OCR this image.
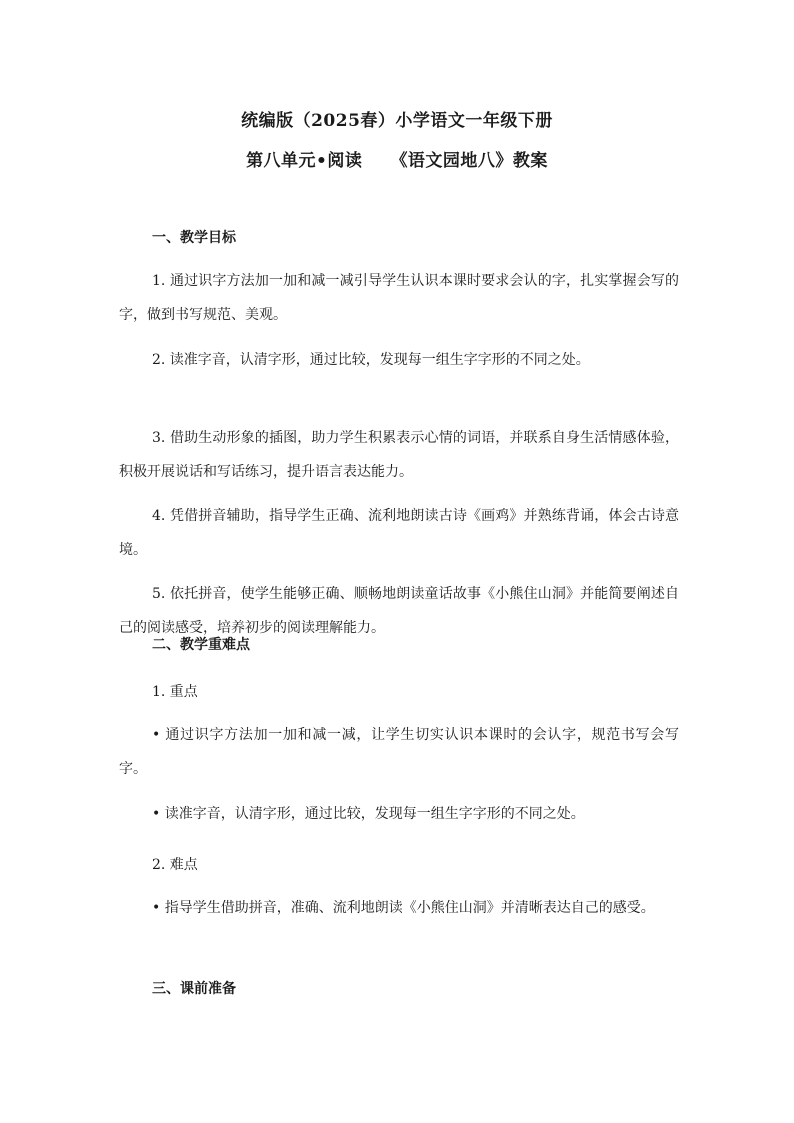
统编版（2025春）小学语文一年级下册
第八单元•阅读 《语文园地八》教案
一、教学目标
1. 通过识字方法加一加和减一减引导学生认识本课时要求会认的字，扎实掌握会写的字，做到书写规范、美观。
2. 读准字音，认清字形，通过比较，发现每一组生字字形的不同之处。
3. 借助生动形象的插图，助力学生积累表示心情的词语，并联系自身生活情感体验，积极开展说话和写话练习，提升语言表达能力。
4. 凭借拼音辅助，指导学生正确、流利地朗读古诗《画鸡》并熟练背诵，体会古诗意境。
5. 依托拼音，使学生能够正确、顺畅地朗读童话故事《小熊住山洞》并能简要阐述自己的阅读感受，培养初步的阅读理解能力。
二、教学重难点
1. 重点
• 通过识字方法加一加和减一减，让学生切实认识本课时的会认字，规范书写会写字。
• 读准字音，认清字形，通过比较，发现每一组生字字形的不同之处。
2. 难点
• 指导学生借助拼音，准确、流利地朗读《小熊住山洞》并清晰表达自己的感受。
三、课前准备
